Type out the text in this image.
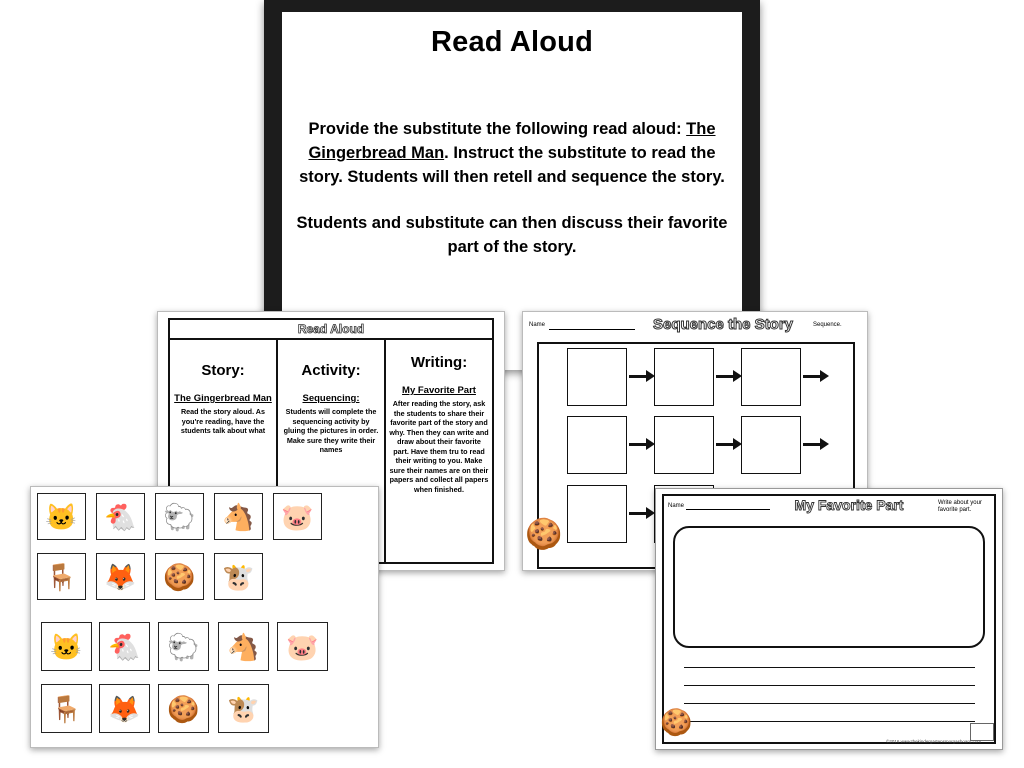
Read Aloud

Provide the substitute the following read aloud: The Gingerbread Man. Instruct the substitute to read the story. Students will then retell and sequence the story.

Students and substitute can then discuss their favorite part of the story.

Read Aloud
Story:
The Gingerbread Man
Read the story aloud. As you're reading, have the students talk about what
Activity:
Sequencing:
Students will complete the sequencing activity by gluing the pictures in order. Make sure they write their names
Writing:
My Favorite Part
After reading the story, ask the students to share their favorite part of the story and why. Then they can write and draw about their favorite part. Have them tru to read their writing to you. Make sure their names are on their papers and collect all papers when finished.
Name	Sequence the Story	Sequence.
🍪
🐱	🐔	🐑	🐴	🐷
🪑	🦊	🍪	🐮
🐱 🐔	🐑	🐴	🐷
🪑 🦊	🍪	🐮
Name	My Favorite Part	Write about your favorite part.
🍪
©2016 www.thekindergartensmorgasboard.com
